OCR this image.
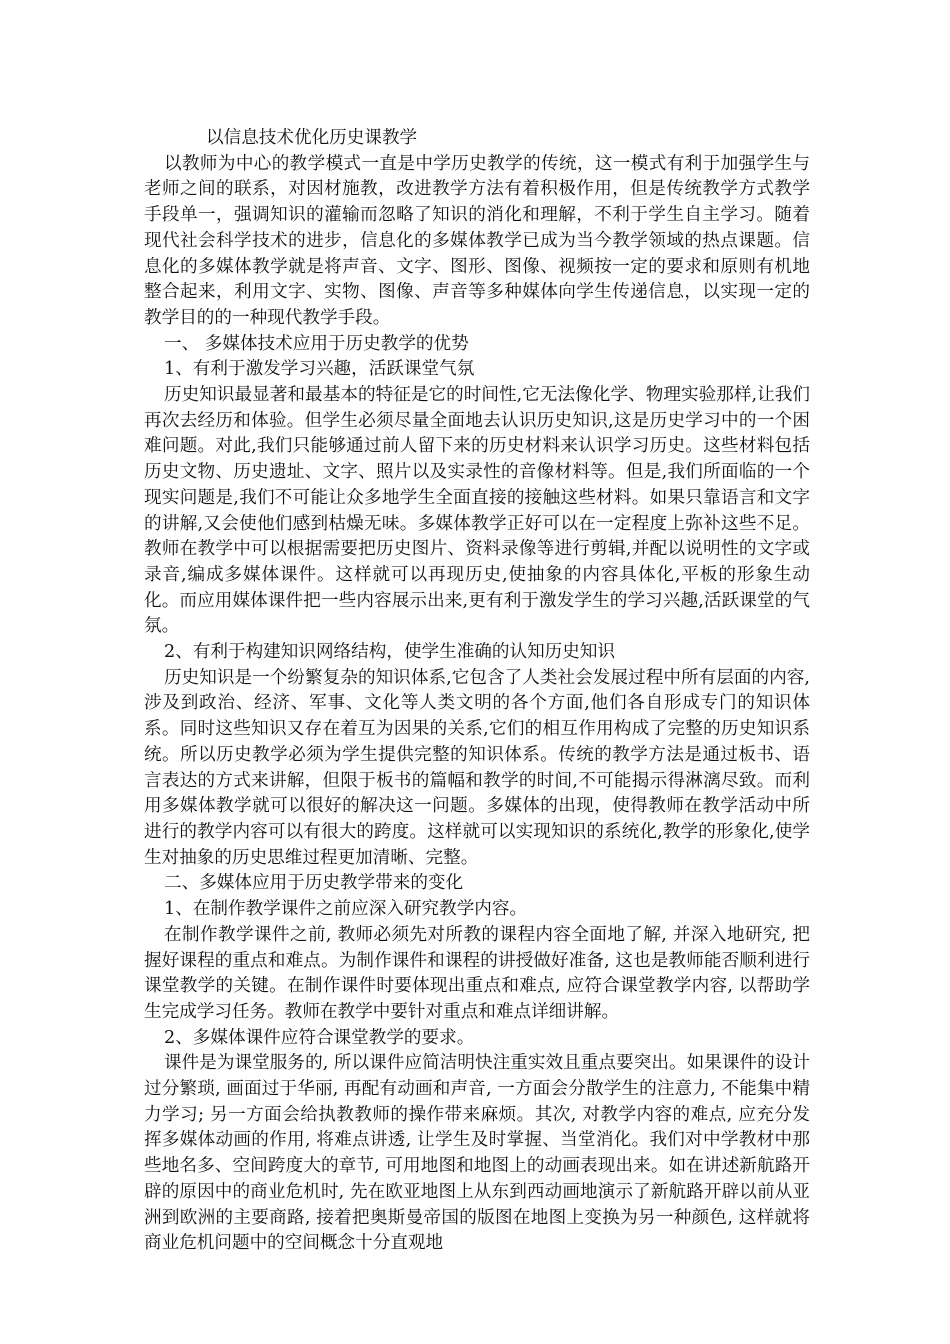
以信息技术优化历史课教学

以教师为中心的教学模式一直是中学历史教学的传统，这一模式有利于加强学生与老师之间的联系，对因材施教，改进教学方法有着积极作用，但是传统教学方式教学手段单一，强调知识的灌输而忽略了知识的消化和理解，不利于学生自主学习。随着现代社会科学技术的进步，信息化的多媒体教学已成为当今教学领域的热点课题。信息化的多媒体教学就是将声音、文字、图形、图像、视频按一定的要求和原则有机地整合起来，利用文字、实物、图像、声音等多种媒体向学生传递信息，以实现一定的教学目的的一种现代教学手段。

一、 多媒体技术应用于历史教学的优势

1、有利于激发学习兴趣，活跃课堂气氛

历史知识最显著和最基本的特征是它的时间性,它无法像化学、物理实验那样,让我们再次去经历和体验。但学生必须尽量全面地去认识历史知识,这是历史学习中的一个困难问题。对此,我们只能够通过前人留下来的历史材料来认识学习历史。这些材料包括历史文物、历史遗址、文字、照片以及实录性的音像材料等。但是,我们所面临的一个现实问题是,我们不可能让众多地学生全面直接的接触这些材料。如果只靠语言和文字的讲解,又会使他们感到枯燥无味。多媒体教学正好可以在一定程度上弥补这些不足。教师在教学中可以根据需要把历史图片、资料录像等进行剪辑,并配以说明性的文字或录音,编成多媒体课件。这样就可以再现历史,使抽象的内容具体化,平板的形象生动化。而应用媒体课件把一些内容展示出来,更有利于激发学生的学习兴趣,活跃课堂的气氛。

2、有利于构建知识网络结构，使学生准确的认知历史知识

历史知识是一个纷繁复杂的知识体系,它包含了人类社会发展过程中所有层面的内容,涉及到政治、经济、军事、文化等人类文明的各个方面,他们各自形成专门的知识体系。同时这些知识又存在着互为因果的关系,它们的相互作用构成了完整的历史知识系统。所以历史教学必须为学生提供完整的知识体系。传统的教学方法是通过板书、语言表达的方式来讲解，但限于板书的篇幅和教学的时间,不可能揭示得淋漓尽致。而利用多媒体教学就可以很好的解决这一问题。多媒体的出现，使得教师在教学活动中所进行的教学内容可以有很大的跨度。这样就可以实现知识的系统化,教学的形象化,使学生对抽象的历史思维过程更加清晰、完整。

二、多媒体应用于历史教学带来的变化

1、在制作教学课件之前应深入研究教学内容。

在制作教学课件之前, 教师必须先对所教的课程内容全面地了解, 并深入地研究, 把握好课程的重点和难点。为制作课件和课程的讲授做好准备, 这也是教师能否顺利进行课堂教学的关键。在制作课件时要体现出重点和难点, 应符合课堂教学内容, 以帮助学生完成学习任务。教师在教学中要针对重点和难点详细讲解。

2、多媒体课件应符合课堂教学的要求。

课件是为课堂服务的, 所以课件应简洁明快注重实效且重点要突出。如果课件的设计过分繁琐, 画面过于华丽, 再配有动画和声音, 一方面会分散学生的注意力, 不能集中精力学习; 另一方面会给执教教师的操作带来麻烦。其次, 对教学内容的难点, 应充分发挥多媒体动画的作用, 将难点讲透, 让学生及时掌握、当堂消化。我们对中学教材中那些地名多、空间跨度大的章节, 可用地图和地图上的动画表现出来。如在讲述新航路开辟的原因中的商业危机时, 先在欧亚地图上从东到西动画地演示了新航路开辟以前从亚洲到欧洲的主要商路, 接着把奥斯曼帝国的版图在地图上变换为另一种颜色, 这样就将商业危机问题中的空间概念十分直观地
